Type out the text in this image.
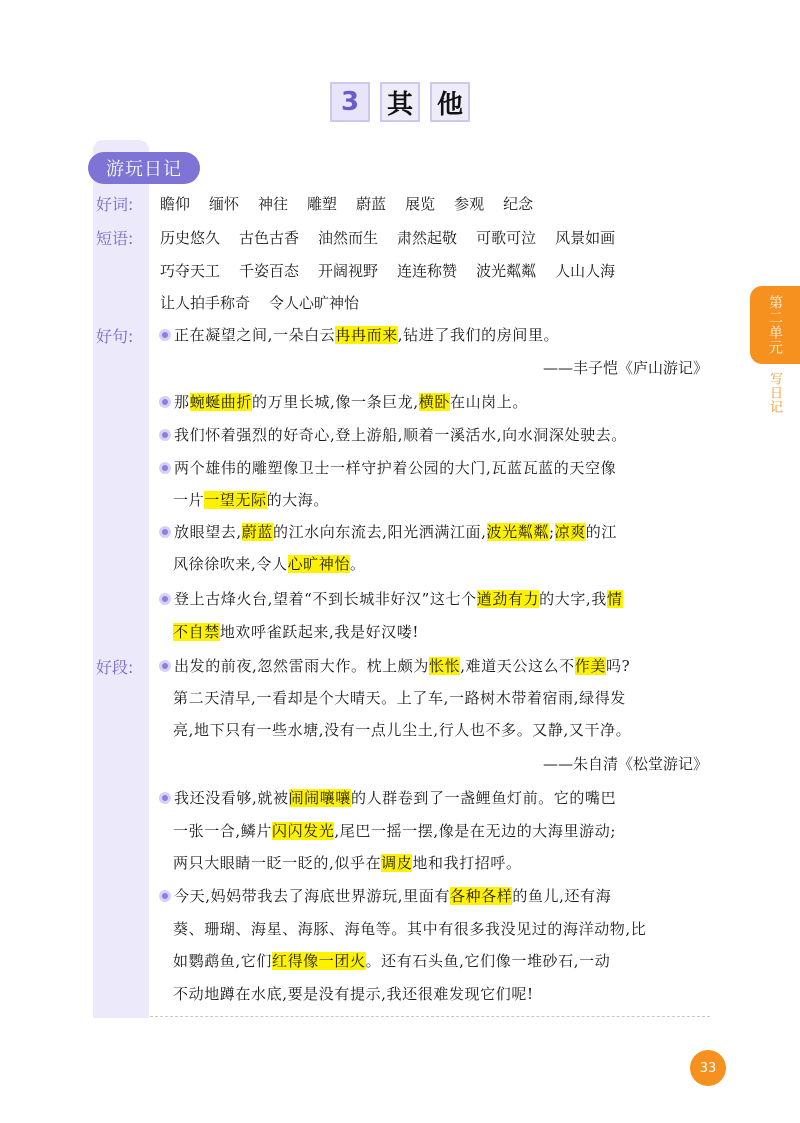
3	其 他
游玩日记
好词: 瞻仰 缅怀 神往 雕塑 蔚蓝 展览 参观 纪念
短语: 历史悠久 古色古香 油然而生 肃然起敬 可歌可泣 风景如画
巧夺天工 千姿百态 开阔视野 连连称赞 波光粼粼 人山人海
让人拍手称奇 令人心旷神怡
好句:	正在凝望之间,一朵白云冉冉而来,钻进了我们的房间里。
——丰子恺《庐山游记》
那蜿蜒曲折的万里长城,像一条巨龙,横卧在山岗上。
我们怀着强烈的好奇心,登上游船,顺着一溪活水,向水洞深处驶去。
两个雄伟的雕塑像卫士一样守护着公园的大门,瓦蓝瓦蓝的天空像
一片一望无际的大海。
放眼望去,蔚蓝的江水向东流去,阳光洒满江面,波光粼粼;凉爽的江
风徐徐吹来,令人心旷神怡。
登上古烽火台,望着“不到长城非好汉”这七个遒劲有力的大字,我情
不自禁地欢呼雀跃起来,我是好汉喽!
好段:	出发的前夜,忽然雷雨大作。枕上颇为怅怅,难道天公这么不作美吗?
第二天清早,一看却是个大晴天。上了车,一路树木带着宿雨,绿得发
亮,地下只有一些水塘,没有一点儿尘土,行人也不多。又静,又干净。
——朱自清《松堂游记》
我还没看够,就被闹闹嚷嚷的人群卷到了一盏鲤鱼灯前。它的嘴巴
一张一合,鳞片闪闪发光,尾巴一摇一摆,像是在无边的大海里游动;
两只大眼睛一眨一眨的,似乎在调皮地和我打招呼。
今天,妈妈带我去了海底世界游玩,里面有各种各样的鱼儿,还有海
葵、珊瑚、海星、海豚、海龟等。其中有很多我没见过的海洋动物,比
如鹦鹉鱼,它们红得像一团火。还有石头鱼,它们像一堆砂石,一动
不动地蹲在水底,要是没有提示,我还很难发现它们呢!
第二单元
写日记
33
